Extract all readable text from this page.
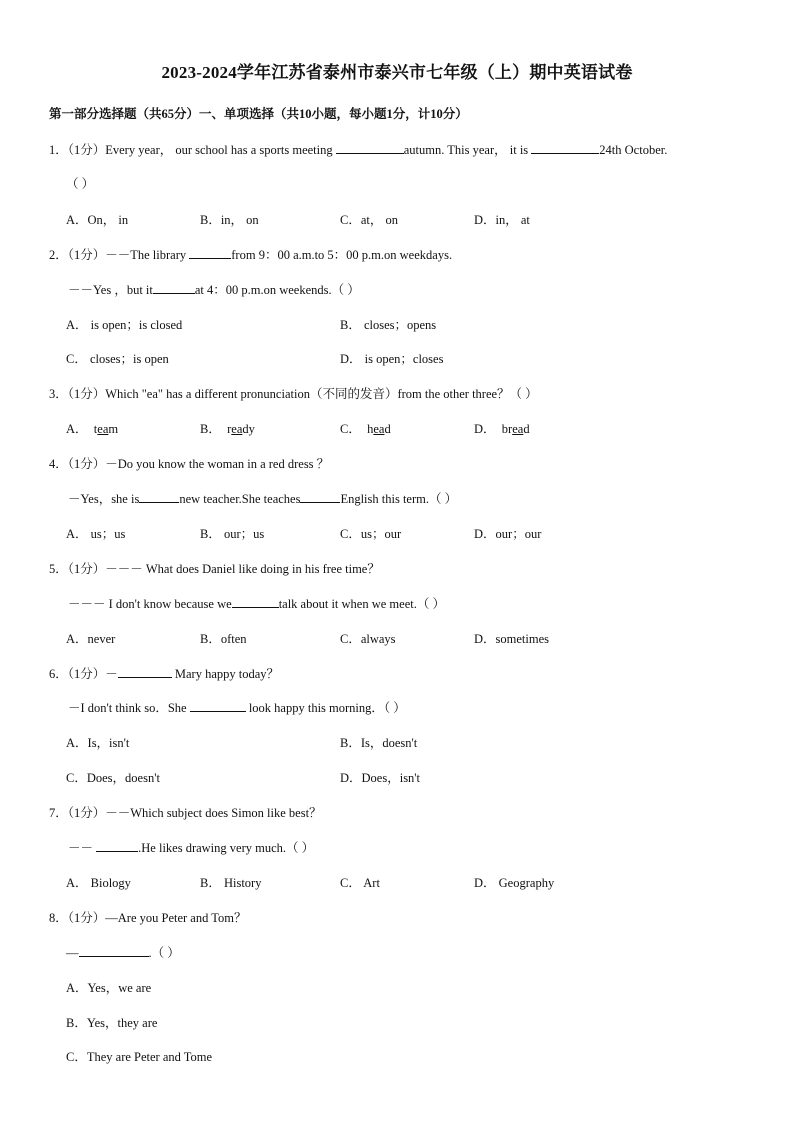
2023-2024学年江苏省泰州市泰兴市七年级（上）期中英语试卷
第一部分选择题（共65分）一、单项选择（共10小题，每小题1分，计10分）
1．（1分）Every year， our school has a sports meeting	autumn. This year， it is	24th October.
（ ）
A．On， in	B．in， on	C．at， on	D．in， at
2．（1分）－－The library	from 9：00 a.m.to 5：00 p.m.on weekdays.
－－Yes ，but it	at 4：00 p.m.on weekends.（ ）
A． is open；is closed	B． closes；opens
C． closes；is open	D． is open；closes
3．（1分）Which "ea" has a different pronunciation（不同的发音）from the other three？（ ）
A． team	B． ready	C． head	D． bread
4．（1分）－Do you know the woman in a red dress ？
－Yes，she is	new teacher.She teaches	English this term.（ ）
A． us；us	B． our；us	C．us；our	D．our；our
5．（1分）－－－ What does Daniel like doing in his free time？
－－－ I don't know because we	talk about it when we meet.（ ）
A．never	B．often	C．always	D．sometimes
6．（1分）－	Mary happy today？
－I don't think so．She	look happy this morning．（ ）
A．Is，isn't	B．Is，doesn't
C．Does，doesn't	D．Does，isn't
7．（1分）－－Which subject does Simon like best？
－－	.He likes drawing very much.（ ）
A． Biology	B． History	C． Art	D． Geography
8．（1分）—Are you Peter and Tom？
—	.（ ）
A．Yes，we are
B．Yes，they are
C．They are Peter and Tome
